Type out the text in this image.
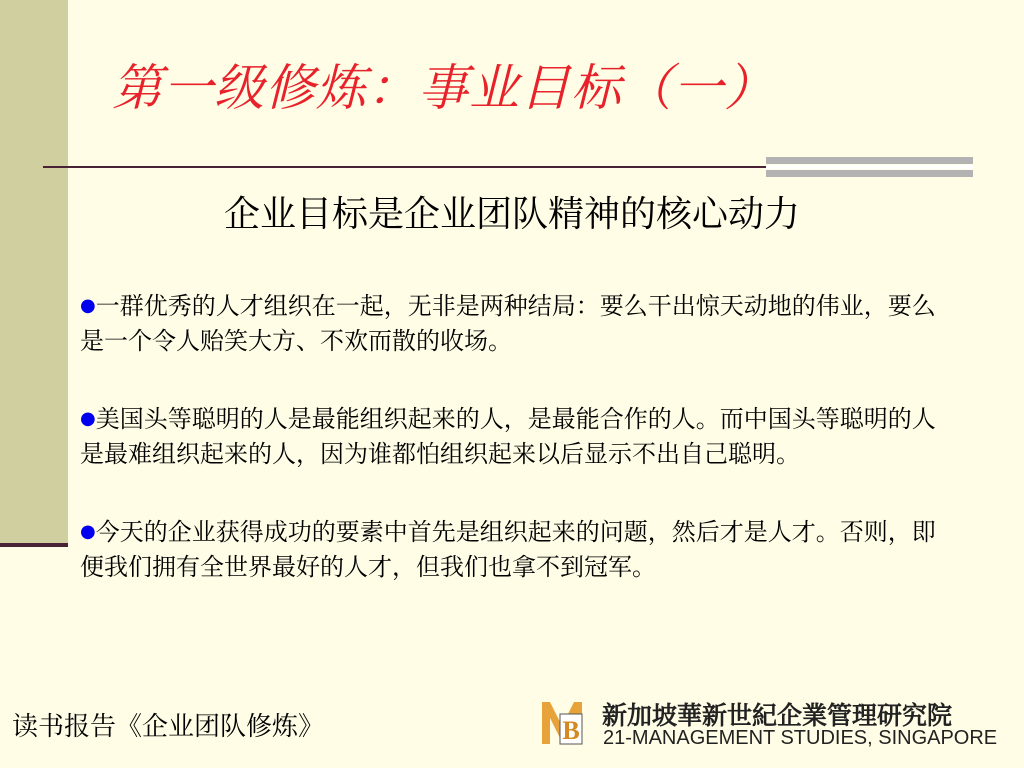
第一级修炼：事业目标（一）
企业目标是企业团队精神的核心动力
●一群优秀的人才组织在一起，无非是两种结局：要么干出惊天动地的伟业，要么是一个令人贻笑大方、不欢而散的收场。
●美国头等聪明的人是最能组织起来的人，是最能合作的人。而中国头等聪明的人是最难组织起来的人，因为谁都怕组织起来以后显示不出自己聪明。
●今天的企业获得成功的要素中首先是组织起来的问题，然后才是人才。否则，即便我们拥有全世界最好的人才，但我们也拿不到冠军。
读书报告《企业团队修炼》	B
新加坡華新世紀企業管理研究院
21-MANAGEMENT STUDIES, SINGAPORE
